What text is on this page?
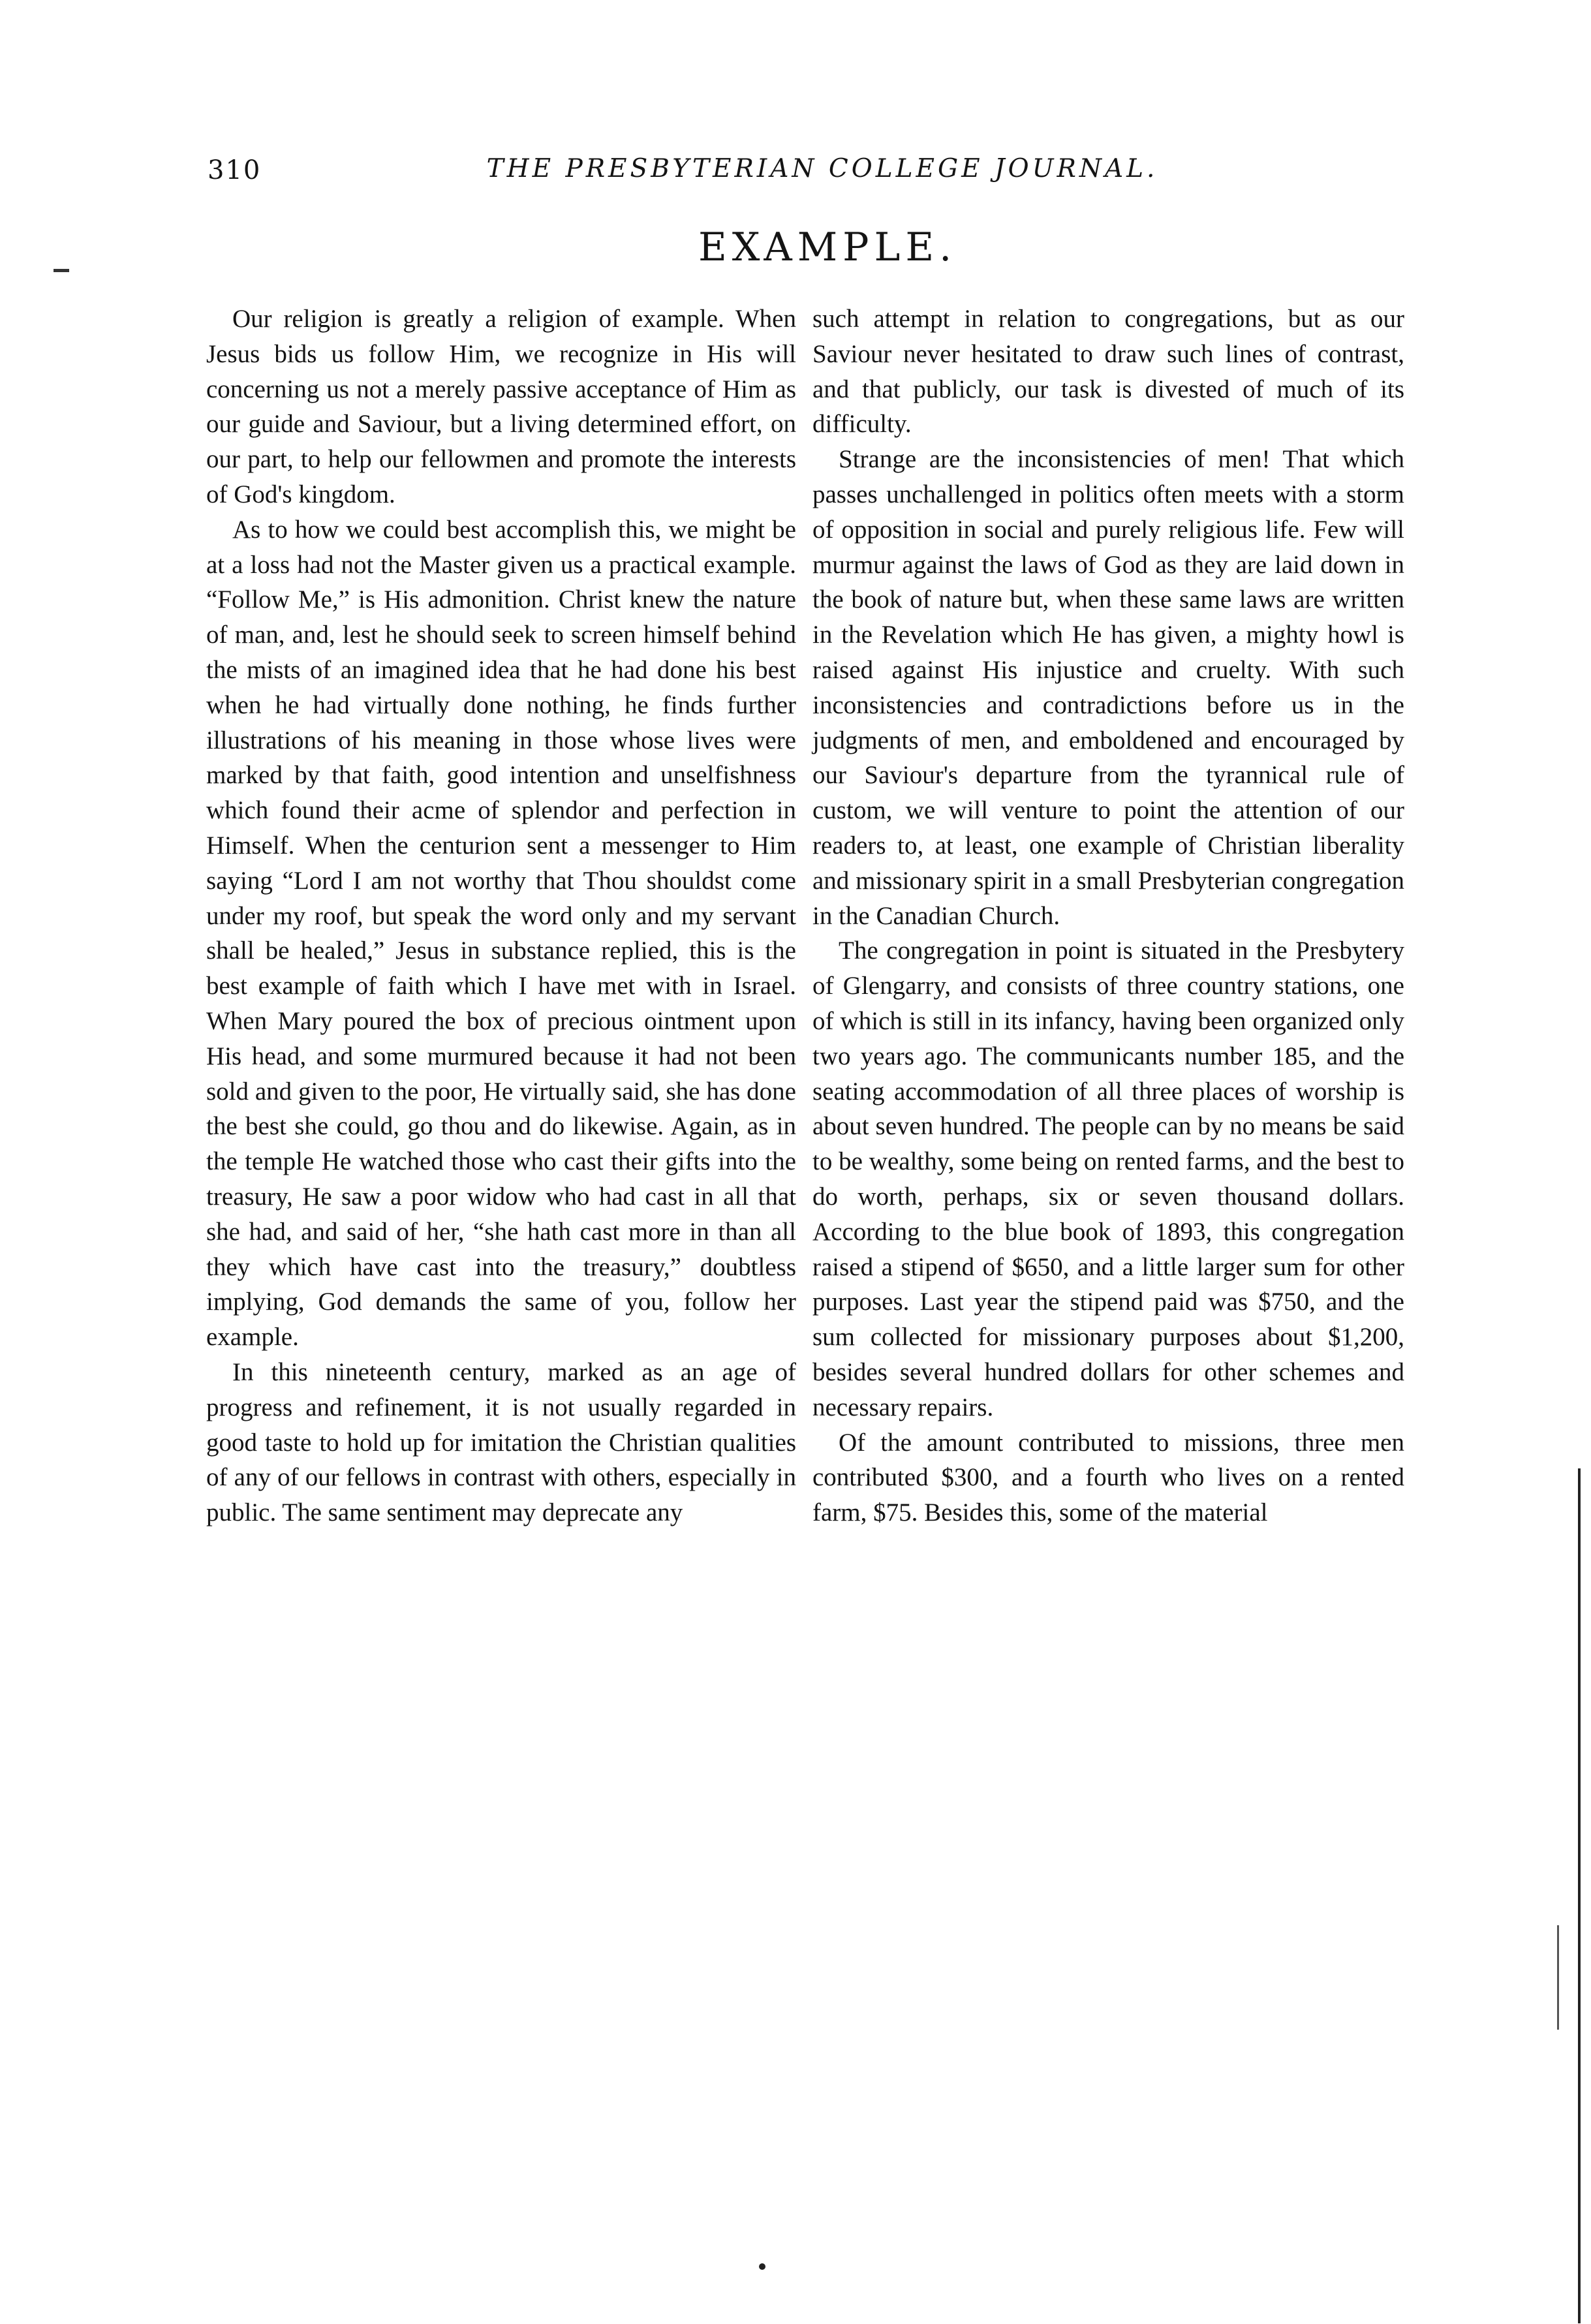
310	THE PRESBYTERIAN COLLEGE JOURNAL.
EXAMPLE.

Our religion is greatly a religion of example. When Jesus bids us follow Him, we recognize in His will concerning us not a merely passive acceptance of Him as our guide and Saviour, but a living determined effort, on our part, to help our fellowmen and promote the interests of God's kingdom.

As to how we could best accomplish this, we might be at a loss had not the Master given us a practical example. “Follow Me,” is His admonition. Christ knew the nature of man, and, lest he should seek to screen himself behind the mists of an imagined idea that he had done his best when he had virtually done nothing, he finds further illustrations of his meaning in those whose lives were marked by that faith, good intention and unselfishness which found their acme of splendor and perfection in Himself. When the centurion sent a messenger to Him saying “Lord I am not worthy that Thou shouldst come under my roof, but speak the word only and my servant shall be healed,” Jesus in substance replied, this is the best example of faith which I have met with in Israel. When Mary poured the box of precious ointment upon His head, and some murmured because it had not been sold and given to the poor, He virtually said, she has done the best she could, go thou and do likewise. Again, as in the temple He watched those who cast their gifts into the treasury, He saw a poor widow who had cast in all that she had, and said of her, “she hath cast more in than all they which have cast into the treasury,” doubtless implying, God demands the same of you, follow her example.

In this nineteenth century, marked as an age of progress and refinement, it is not usually regarded in good taste to hold up for imitation the Christian qualities of any of our fellows in contrast with others, especially in public. The same sentiment may deprecate any

such attempt in relation to congregations, but as our Saviour never hesitated to draw such lines of contrast, and that publicly, our task is divested of much of its difficulty.

Strange are the inconsistencies of men! That which passes unchallenged in politics often meets with a storm of opposition in social and purely religious life. Few will murmur against the laws of God as they are laid down in the book of nature but, when these same laws are written in the Revelation which He has given, a mighty howl is raised against His injustice and cruelty. With such inconsistencies and contradictions before us in the judgments of men, and emboldened and encouraged by our Saviour's departure from the tyrannical rule of custom, we will venture to point the attention of our readers to, at least, one example of Christian liberality and missionary spirit in a small Presbyterian congregation in the Canadian Church.

The congregation in point is situated in the Presbytery of Glengarry, and consists of three country stations, one of which is still in its infancy, having been organized only two years ago. The communicants number 185, and the seating accommodation of all three places of worship is about seven hundred. The people can by no means be said to be wealthy, some being on rented farms, and the best to do worth, perhaps, six or seven thousand dollars. According to the blue book of 1893, this congregation raised a stipend of $650, and a little larger sum for other purposes. Last year the stipend paid was $750, and the sum collected for missionary purposes about $1,200, besides several hundred dollars for other schemes and necessary repairs.

Of the amount contributed to missions, three men contributed $300, and a fourth who lives on a rented farm, $75. Besides this, some of the material
